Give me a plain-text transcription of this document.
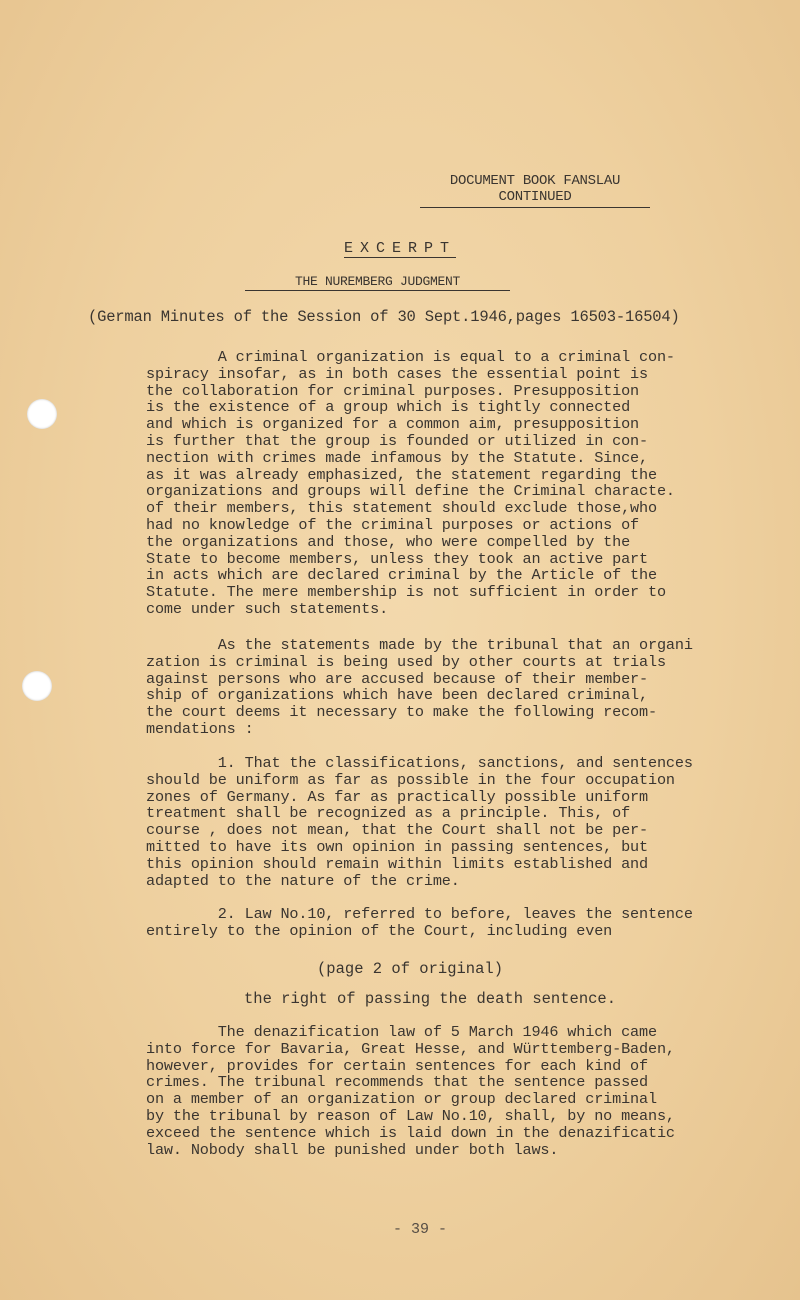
DOCUMENT BOOK FANSLAU
CONTINUED
EXCERPT
THE NUREMBERG JUDGMENT
(German Minutes of the Session of 30 Sept.1946,pages 16503-16504)
A criminal organization is equal to a criminal con-
spiracy insofar, as in both cases the essential point is
the collaboration for criminal purposes. Presupposition
is the existence of a group which is tightly connected
and which is organized for a common aim, presupposition
is further that the group is founded or utilized in con-
nection with crimes made infamous by the Statute. Since,
as it was already emphasized, the statement regarding the
organizations and groups will define the Criminal characte.
of their members, this statement should exclude those,who
had no knowledge of the criminal purposes or actions of
the organizations and those, who were compelled by the
State to become members, unless they took an active part
in acts which are declared criminal by the Article of the
Statute. The mere membership is not sufficient in order to
come under such statements.
As the statements made by the tribunal that an organi
zation is criminal is being used by other courts at trials
against persons who are accused because of their member-
ship of organizations which have been declared criminal,
the court deems it necessary to make the following recom-
mendations :
1. That the classifications, sanctions, and sentences
should be uniform as far as possible in the four occupation
zones of Germany. As far as practically possible uniform
treatment shall be recognized as a principle. This, of
course , does not mean, that the Court shall not be per-
mitted to have its own opinion in passing sentences, but
this opinion should remain within limits established and
adapted to the nature of the crime.
2. Law No.10, referred to before, leaves the sentence
entirely to the opinion of the Court, including even
(page 2 of original)
the right of passing the death sentence.
The denazification law of 5 March 1946 which came
into force for Bavaria, Great Hesse, and Württemberg-Baden,
however, provides for certain sentences for each kind of
crimes. The tribunal recommends that the sentence passed
on a member of an organization or group declared criminal
by the tribunal by reason of Law No.10, shall, by no means,
exceed the sentence which is laid down in the denazificatic
law. Nobody shall be punished under both laws.
- 39 -
